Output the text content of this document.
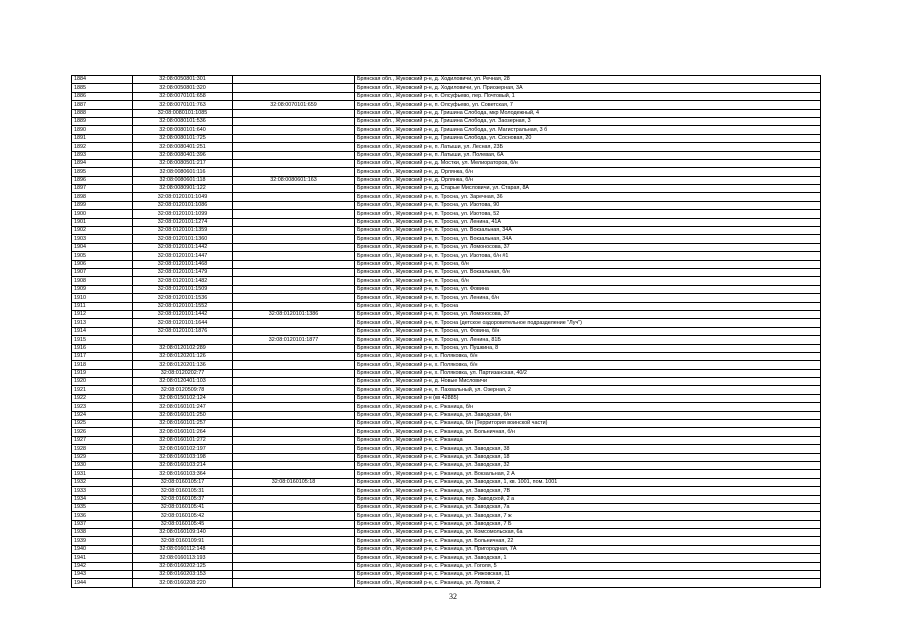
1884	32:08:0050801:301		Брянская обл., Жуковский р-н, д. Ходиловичи, ул. Речная, 28
1885	32:08:0050801:320		Брянская обл., Жуковский р-н, д. Ходиловичи, ул. Приозерная, 3А
1886	32:08:0070101:658		Брянская обл., Жуковский р-н, п. Олсуфьево, пер. Почтовый, 1
1887	32:08:0070101:763	32:08:0070101:659	Брянская обл., Жуковский р-н, п. Олсуфьево, ул. Советская, 7
1888	32:08:0080101:1085		Брянская обл., Жуковский р-н, д. Гришина Слобода, мкр Молодежный, 4
1889	32:08:0080101:536		Брянская обл., Жуковский р-н, д. Гришина Слобода, ул. Заозерная, 3
1890	32:08:0080101:640		Брянская обл., Жуковский р-н, д. Гришина Слобода, ул. Магистральная, 3 б
1891	32:08:0080101:725		Брянская обл., Жуковский р-н, д. Гришина Слобода, ул. Сосновая, 20
1892	32:08:0080401:251		Брянская обл., Жуковский р-н, п. Латыши, ул. Лесная, 23Б
1893	32:08:0080401:396		Брянская обл., Жуковский р-н, п. Латыши, ул. Полевая, 6А
1894	32:08:0080501:217		Брянская обл., Жуковский р-н, д. Мостки, ул. Мелиораторов, б/н
1895	32:08:0080601:116		Брянская обл., Жуковский р-н, д. Орлянка, б/н
1896	32:08:0080601:118	32:08:0080601:163	Брянская обл., Жуковский р-н, д. Орлянка, б/н
1897	32:08:0080901:122		Брянская обл., Жуковский р-н, д. Старые Мисловичи, ул. Старая, 8А
1898	32:08:0120101:1049		Брянская обл., Жуковский р-н, п. Тросна, ул. Заречная, 36
1899	32:08:0120101:1086		Брянская обл., Жуковский р-н, п. Тросна, ул. Изотова, 90
1900	32:08:0120101:1099		Брянская обл., Жуковский р-н, п. Тросна, ул. Изотова, 52
1901	32:08:0120101:1274		Брянская обл., Жуковский р-н, п. Тросна, ул. Ленина, 41А
1902	32:08:0120101:1359		Брянская обл., Жуковский р-н, п. Тросна, ул. Вокзальная, 34А
1903	32:08:0120101:1360		Брянская обл., Жуковский р-н, п. Тросна, ул. Вокзальная, 34А
1904	32:08:0120101:1442		Брянская обл., Жуковский р-н, п. Тросна, ул. Ломоносова, 37
1905	32:08:0120101:1447		Брянская обл., Жуковский р-н, п. Тросна, ул. Изотова, б/н #1
1906	32:08:0120101:1468		Брянская обл., Жуковский р-н, п. Тросна, б/н
1907	32:08:0120101:1479		Брянская обл., Жуковский р-н, п. Тросна, ул. Вокзальная, б/н
1908	32:08:0120101:1482		Брянская обл., Жуковский р-н, п. Тросна, б/н
1909	32:08:0120101:1509		Брянская обл., Жуковский р-н, п. Тросна, ул. Фовина
1910	32:08:0120101:1536		Брянская обл., Жуковский р-н, п. Тросна, ул. Ленина, б/н
1911	32:08:0120101:1552		Брянская обл., Жуковский р-н, п. Тросна
1912	32:08:0120101:1442	32:08:0120101:1386	Брянская обл., Жуковский р-н, п. Тросна, ул. Ломоносова, 37
1913	32:08:0120101:1644		Брянская обл., Жуковский р-н, п. Тросна (детское оздоровительное подразделение "Луч")
1914	32:08:0120101:1876		Брянская обл., Жуковский р-н, п. Тросна, ул. Фовина, б/н
1915		32:08:0120101:1877	Брянская обл., Жуковский р-н, п. Тросна, ул. Ленина, 81Б
1916	32:08:0120102:289		Брянская обл., Жуковский р-н, п. Тросна, ул. Пушкина, 8
1917	32:08:0120201:126		Брянская обл., Жуковский р-н, х. Поляковка, б/н
1918	32:08:0120201:136		Брянская обл., Жуковский р-н, х. Поляковка, б/н
1919	32:08:0120202:77		Брянская обл., Жуковский р-н, х. Поляковка, ул. Партизанская, 40/2
1920	32:08:0120401:103		Брянская обл., Жуковский р-н, д. Новые Мисловичи
1921	32:08:0120509:78		Брянская обл., Жуковский р-н, п. Пахвальный, ул. Озерная, 2
1922	32:08:0150102:124		Брянская обл., Жуковский р-н (кв 42885)
1923	32:08:0160101:247		Брянская обл., Жуковский р-н, с. Ржаница, б/н
1924	32:08:0160101:250		Брянская обл., Жуковский р-н, с. Ржаница, ул. Заводская, б/н
1925	32:08:0160101:257		Брянская обл., Жуковский р-н, с. Ржаница, б/н (Территория воинской части)
1926	32:08:0160101:264		Брянская обл., Жуковский р-н, с. Ржаница, ул. Больничная, б/н
1927	32:08:0160101:272		Брянская обл., Жуковский р-н, с. Ржаница
1928	32:08:0160102:197		Брянская обл., Жуковский р-н, с. Ржаница, ул. Заводская, 38
1929	32:08:0160103:198		Брянская обл., Жуковский р-н, с. Ржаница, ул. Заводская, 18
1930	32:08:0160103:214		Брянская обл., Жуковский р-н, с. Ржаница, ул. Заводская, 32
1931	32:08:0160103:364		Брянская обл., Жуковский р-н, с. Ржаница, ул. Вокзальная, 2 А
1932	32:08:0160105:17	32:08:0160105:18	Брянская обл., Жуковский р-н, с. Ржаница, ул. Заводская, 1, кв. 1001, пом. 1001
1933	32:08:0160105:31		Брянская обл., Жуковский р-н, с. Ржаница, ул. Заводская, 7В
1934	32:08:0160105:37		Брянская обл., Жуковский р-н, с. Ржаница, пер. Заводской, 2 а
1935	32:08:0160105:41		Брянская обл., Жуковский р-н, с. Ржаница, ул. Заводская, 7а
1936	32:08:0160105:42		Брянская обл., Жуковский р-н, с. Ржаница, ул. Заводская, 7 ж
1937	32:08:0160105:45		Брянская обл., Жуковский р-н, с. Ржаница, ул. Заводская, 7 Б
1938	32:08:0160109:140		Брянская обл., Жуковский р-н, с. Ржаница, ул. Комсомольская, 6а
1939	32:08:0160109:91		Брянская обл., Жуковский р-н, с. Ржаница, ул. Больничная, 22
1940	32:08:0160112:148		Брянская обл., Жуковский р-н, с. Ржаница, ул. Пригородная, 7А
1941	32:08:0160113:193		Брянская обл., Жуковский р-н, с. Ржаница, ул. Заводская, 1
1942	32:08:0160202:125		Брянская обл., Жуковский р-н, с. Ржаница, ул. Гоголя, 5
1943	32:08:0160203:153		Брянская обл., Жуковский р-н, с. Ржаница, ул. Рижовская, 11
1944	32:08:0160208:220		Брянская обл., Жуковский р-н, с. Ржаница, ул. Луговая, 2
32
